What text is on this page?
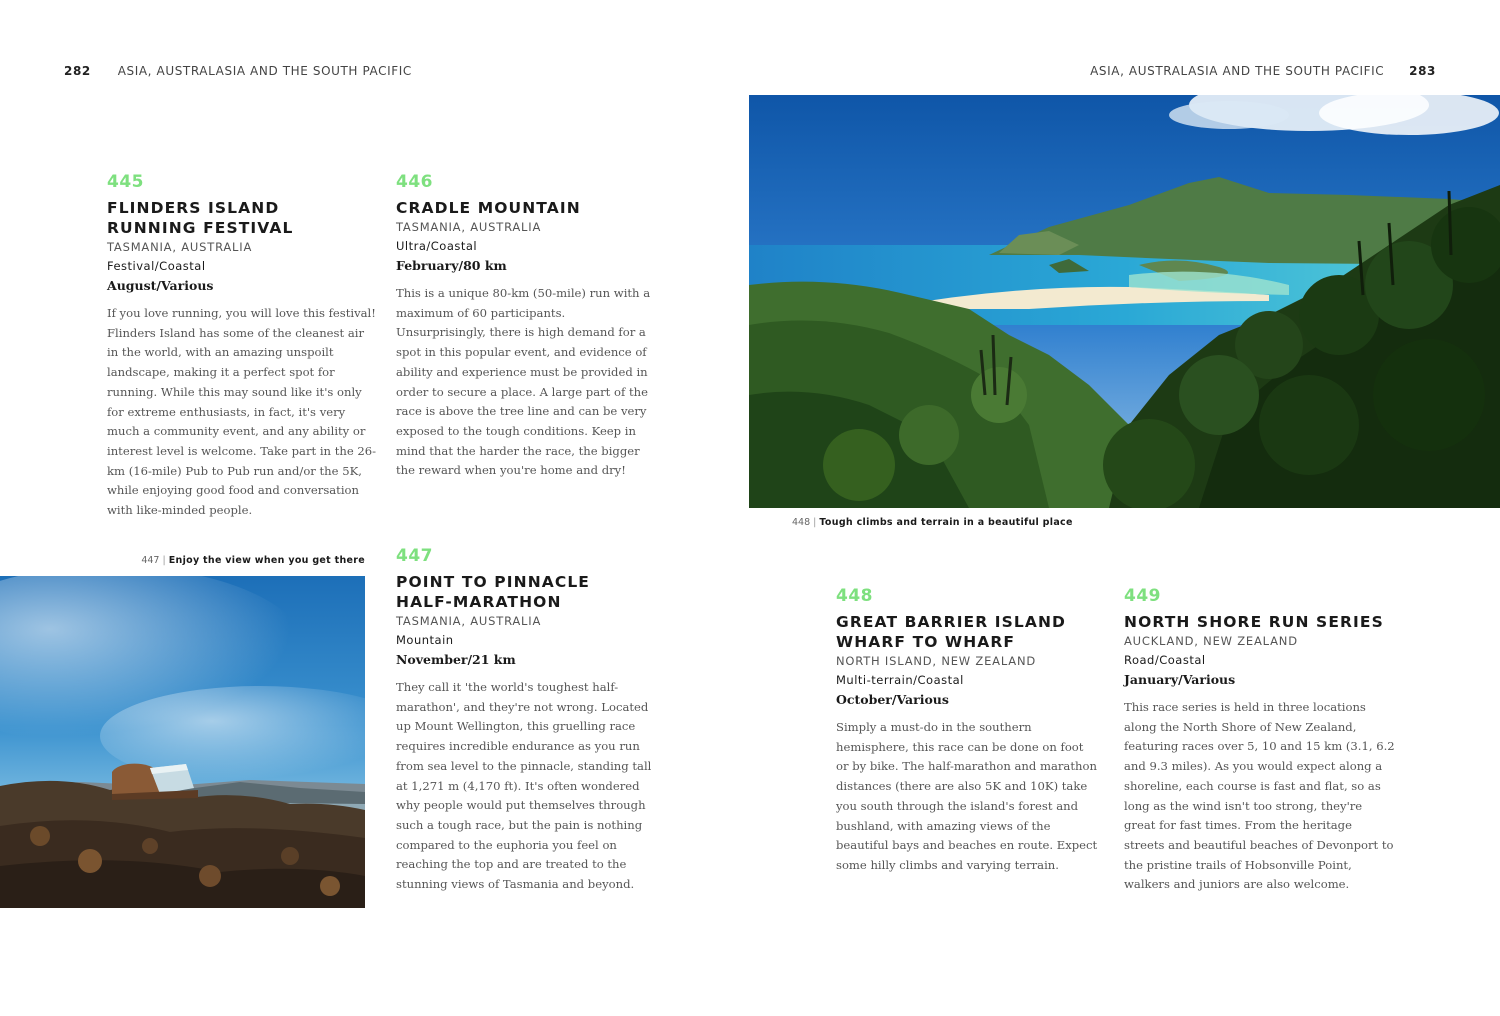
282 ASIA, AUSTRALASIA AND THE SOUTH PACIFIC	ASIA, AUSTRALASIA AND THE SOUTH PACIFIC 283
445
FLINDERS ISLAND
RUNNING FESTIVAL
TASMANIA, AUSTRALIA
Festival/Coastal
August/Various

If you love running, you will love this festival! Flinders Island has some of the cleanest air in the world, with an amazing unspoilt landscape, making it a perfect spot for running. While this may sound like it's only for extreme enthusiasts, in fact, it's very much a community event, and any ability or interest level is welcome. Take part in the 26-km (16-mile) Pub to Pub run and/or the 5K, while enjoying good food and conversation with like-minded people.

446
CRADLE MOUNTAIN
TASMANIA, AUSTRALIA
Ultra/Coastal
February/80 km

This is a unique 80-km (50-mile) run with a maximum of 60 participants. Unsurprisingly, there is high demand for a spot in this popular event, and evidence of ability and experience must be provided in order to secure a place. A large part of the race is above the tree line and can be very exposed to the tough conditions. Keep in mind that the harder the race, the bigger the reward when you're home and dry!

447 | Enjoy the view when you get there 447
POINT TO PINNACLE
HALF-MARATHON
TASMANIA, AUSTRALIA
Mountain
November/21 km

They call it 'the world's toughest half-marathon', and they're not wrong. Located up Mount Wellington, this gruelling race requires incredible endurance as you run from sea level to the pinnacle, standing tall at 1,271 m (4,170 ft). It's often wondered why people would put themselves through such a tough race, but the pain is nothing compared to the euphoria you feel on reaching the top and are treated to the stunning views of Tasmania and beyond.

448 | Tough climbs and terrain in a beautiful place
448
GREAT BARRIER ISLAND
WHARF TO WHARF
NORTH ISLAND, NEW ZEALAND
Multi-terrain/Coastal
October/Various

Simply a must-do in the southern hemisphere, this race can be done on foot or by bike. The half-marathon and marathon distances (there are also 5K and 10K) take you south through the island's forest and bushland, with amazing views of the beautiful bays and beaches en route. Expect some hilly climbs and varying terrain.

449
NORTH SHORE RUN SERIES
AUCKLAND, NEW ZEALAND
Road/Coastal
January/Various

This race series is held in three locations along the North Shore of New Zealand, featuring races over 5, 10 and 15 km (3.1, 6.2 and 9.3 miles). As you would expect along a shoreline, each course is fast and flat, so as long as the wind isn't too strong, they're great for fast times. From the heritage streets and beautiful beaches of Devonport to the pristine trails of Hobsonville Point, walkers and juniors are also welcome.
